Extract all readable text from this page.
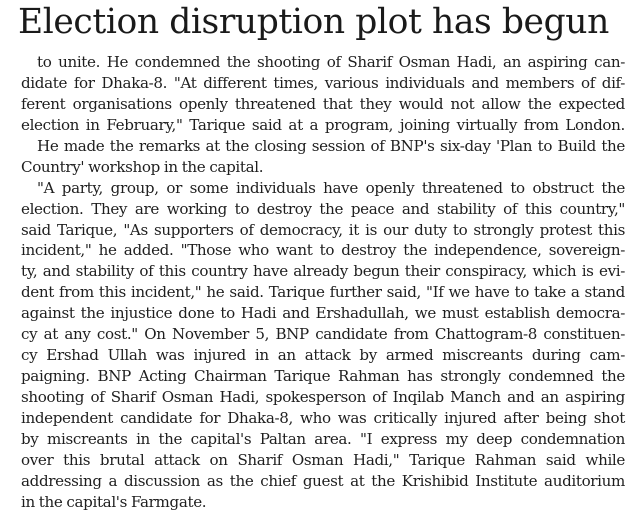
Election disruption plot has begun
to unite. He condemned the shooting of Sharif Osman Hadi, an aspiring can-
didate for Dhaka-8. "At different times, various individuals and members of dif-
ferent organisations openly threatened that they would not allow the expected
election in February," Tarique said at a program, joining virtually from London.
He made the remarks at the closing session of BNP's six-day 'Plan to Build the
Country' workshop in the capital.
"A party, group, or some individuals have openly threatened to obstruct the
election. They are working to destroy the peace and stability of this country,"
said Tarique, "As supporters of democracy, it is our duty to strongly protest this
incident," he added. "Those who want to destroy the independence, sovereign-
ty, and stability of this country have already begun their conspiracy, which is evi-
dent from this incident," he said. Tarique further said, "If we have to take a stand
against the injustice done to Hadi and Ershadullah, we must establish democra-
cy at any cost." On November 5, BNP candidate from Chattogram-8 constituen-
cy Ershad Ullah was injured in an attack by armed miscreants during cam-
paigning. BNP Acting Chairman Tarique Rahman has strongly condemned the
shooting of Sharif Osman Hadi, spokesperson of Inqilab Manch and an aspiring
independent candidate for Dhaka-8, who was critically injured after being shot
by miscreants in the capital's Paltan area. "I express my deep condemnation
over this brutal attack on Sharif Osman Hadi," Tarique Rahman said while
addressing a discussion as the chief guest at the Krishibid Institute auditorium
in the capital's Farmgate.
